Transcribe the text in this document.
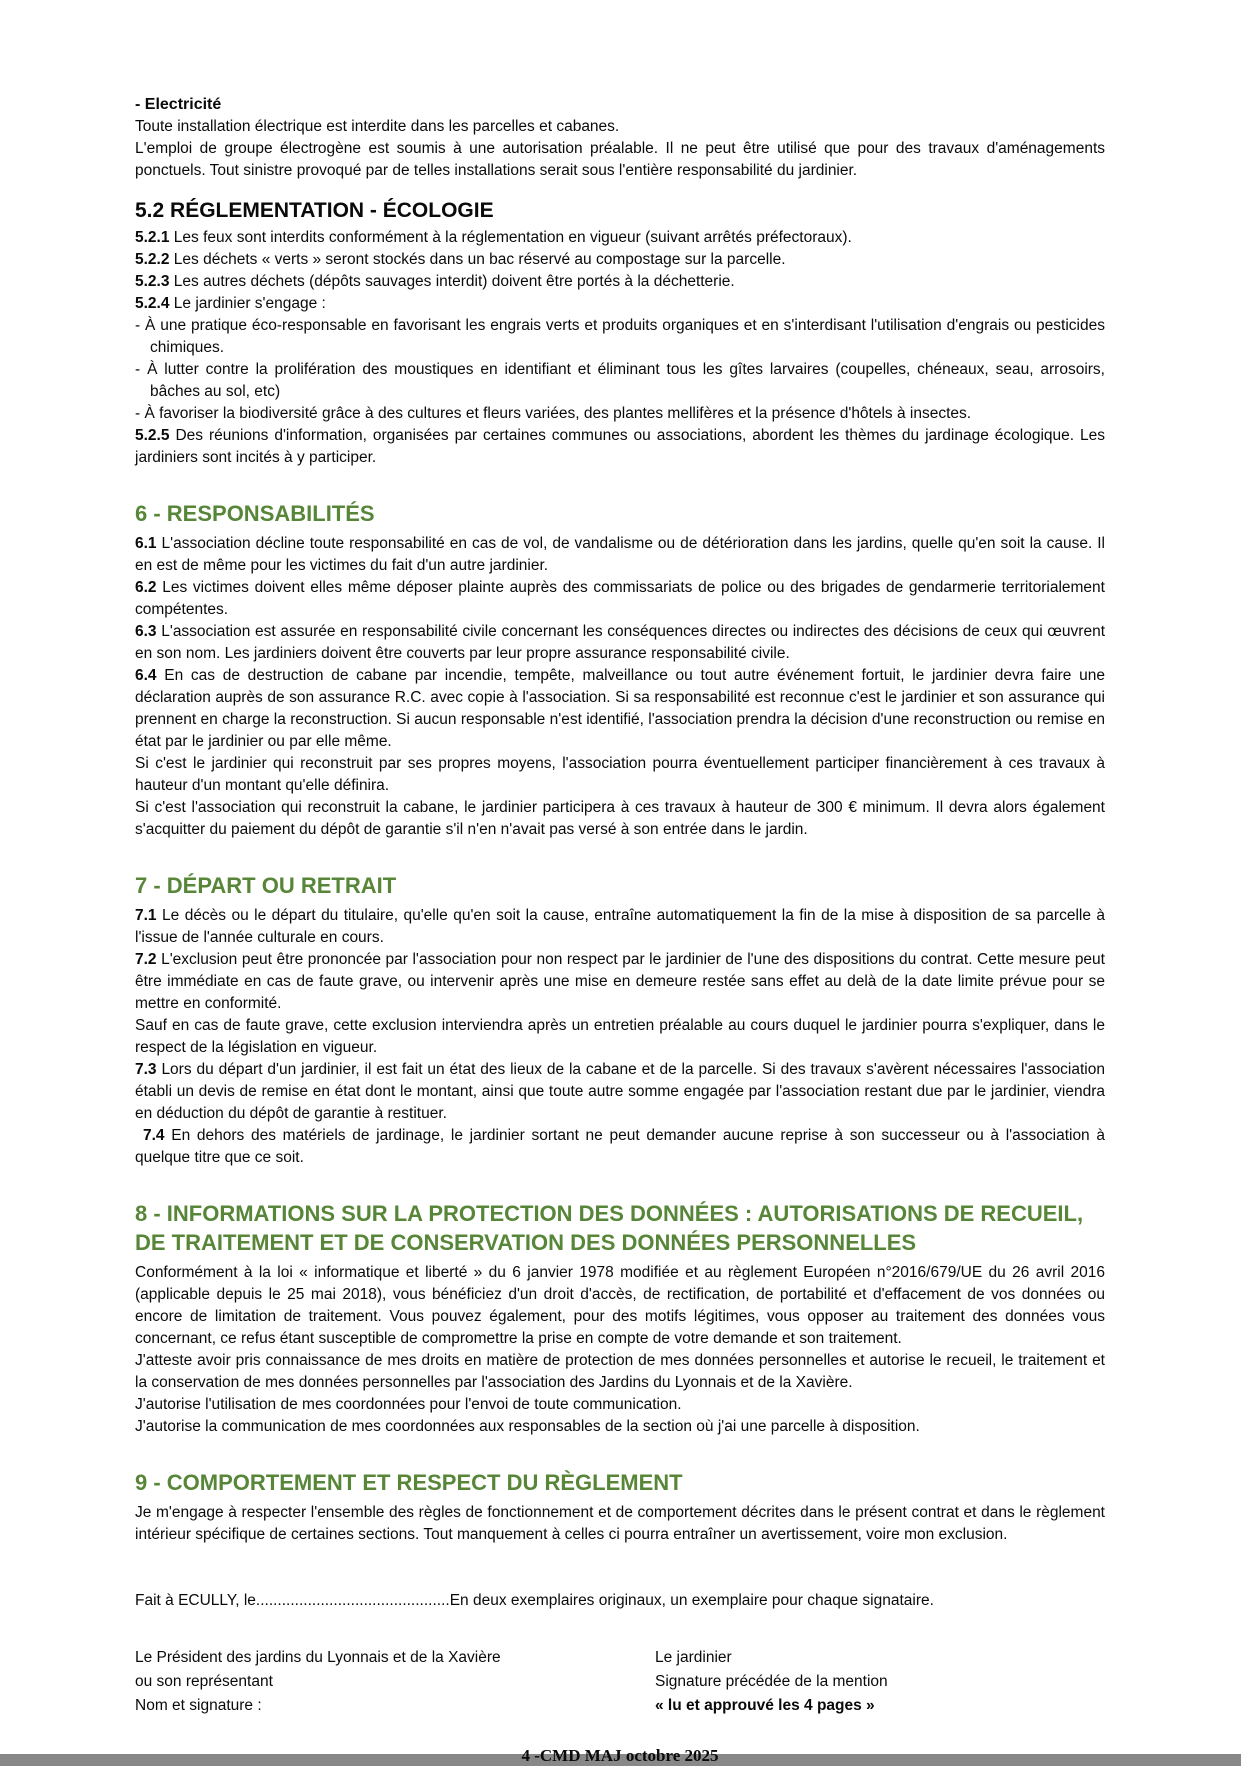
- Electricité

Toute installation électrique est interdite dans les parcelles et cabanes.

L'emploi de groupe électrogène est soumis à une autorisation préalable. Il ne peut être utilisé que pour des travaux d'aménagements ponctuels. Tout sinistre provoqué par de telles installations serait sous l'entière responsabilité du jardinier.

5.2 RÉGLEMENTATION - ÉCOLOGIE

5.2.1 Les feux sont interdits conformément à la réglementation en vigueur (suivant arrêtés préfectoraux).

5.2.2 Les déchets « verts » seront stockés dans un bac réservé au compostage sur la parcelle.

5.2.3 Les autres déchets (dépôts sauvages interdit) doivent être portés à la déchetterie.

5.2.4 Le jardinier s'engage :

- À une pratique éco-responsable en favorisant les engrais verts et produits organiques et en s'interdisant l'utilisation d'engrais ou pesticides chimiques.

- À lutter contre la prolifération des moustiques en identifiant et éliminant tous les gîtes larvaires (coupelles, chéneaux, seau, arrosoirs, bâches au sol, etc)

- À favoriser la biodiversité grâce à des cultures et fleurs variées, des plantes mellifères et la présence d'hôtels à insectes.

5.2.5 Des réunions d'information, organisées par certaines communes ou associations, abordent les thèmes du jardinage écologique. Les jardiniers sont incités à y participer.

6 - RESPONSABILITÉS

6.1 L'association décline toute responsabilité en cas de vol, de vandalisme ou de détérioration dans les jardins, quelle qu'en soit la cause. Il en est de même pour les victimes du fait d'un autre jardinier.

6.2 Les victimes doivent elles même déposer plainte auprès des commissariats de police ou des brigades de gendarmerie territorialement compétentes.

6.3 L'association est assurée en responsabilité civile concernant les conséquences directes ou indirectes des décisions de ceux qui œuvrent en son nom. Les jardiniers doivent être couverts par leur propre assurance responsabilité civile.

6.4 En cas de destruction de cabane par incendie, tempête, malveillance ou tout autre événement fortuit, le jardinier devra faire une déclaration auprès de son assurance R.C. avec copie à l'association. Si sa responsabilité est reconnue c'est le jardinier et son assurance qui prennent en charge la reconstruction. Si aucun responsable n'est identifié, l'association prendra la décision d'une reconstruction ou remise en état par le jardinier ou par elle même.

Si c'est le jardinier qui reconstruit par ses propres moyens, l'association pourra éventuellement participer financièrement à ces travaux à hauteur d'un montant qu'elle définira.

Si c'est l'association qui reconstruit la cabane, le jardinier participera à ces travaux à hauteur de 300 € minimum. Il devra alors également s'acquitter du paiement du dépôt de garantie s'il n'en n'avait pas versé à son entrée dans le jardin.

7 - DÉPART OU RETRAIT

7.1 Le décès ou le départ du titulaire, qu'elle qu'en soit la cause, entraîne automatiquement la fin de la mise à disposition de sa parcelle à l'issue de l'année culturale en cours.

7.2 L'exclusion peut être prononcée par l'association pour non respect par le jardinier de l'une des dispositions du contrat. Cette mesure peut être immédiate en cas de faute grave, ou intervenir après une mise en demeure restée sans effet au delà de la date limite prévue pour se mettre en conformité.

Sauf en cas de faute grave, cette exclusion interviendra après un entretien préalable au cours duquel le jardinier pourra s'expliquer, dans le respect de la législation en vigueur.

7.3 Lors du départ d'un jardinier, il est fait un état des lieux de la cabane et de la parcelle. Si des travaux s'avèrent nécessaires l'association établi un devis de remise en état dont le montant, ainsi que toute autre somme engagée par l'association restant due par le jardinier, viendra en déduction du dépôt de garantie à restituer.

7.4 En dehors des matériels de jardinage, le jardinier sortant ne peut demander aucune reprise à son successeur ou à l'association à quelque titre que ce soit.

8 - INFORMATIONS SUR LA PROTECTION DES DONNÉES : AUTORISATIONS DE RECUEIL, DE TRAITEMENT ET DE CONSERVATION DES DONNÉES PERSONNELLES

Conformément à la loi « informatique et liberté » du 6 janvier 1978 modifiée et au règlement Européen n°2016/679/UE du 26 avril 2016 (applicable depuis le 25 mai 2018), vous bénéficiez d'un droit d'accès, de rectification, de portabilité et d'effacement de vos données ou encore de limitation de traitement. Vous pouvez également, pour des motifs légitimes, vous opposer au traitement des données vous concernant, ce refus étant susceptible de compromettre la prise en compte de votre demande et son traitement.

J'atteste avoir pris connaissance de mes droits en matière de protection de mes données personnelles et autorise le recueil, le traitement et la conservation de mes données personnelles par l'association des Jardins du Lyonnais et de la Xavière.

J'autorise l'utilisation de mes coordonnées pour l'envoi de toute communication.

J'autorise la communication de mes coordonnées aux responsables de la section où j'ai une parcelle à disposition.

9 - COMPORTEMENT ET RESPECT DU RÈGLEMENT

Je m'engage à respecter l'ensemble des règles de fonctionnement et de comportement décrites dans le présent contrat et dans le règlement intérieur spécifique de certaines sections. Tout manquement à celles ci pourra entraîner un avertissement, voire mon exclusion.

Fait à ECULLY, le.............................................En deux exemplaires originaux, un exemplaire pour chaque signataire.

Le Président des jardins du Lyonnais et de la Xavière

ou son représentant

Nom et signature :

Le jardinier

Signature précédée de la mention

« lu et approuvé les 4 pages »

4 -CMD MAJ octobre 2025
